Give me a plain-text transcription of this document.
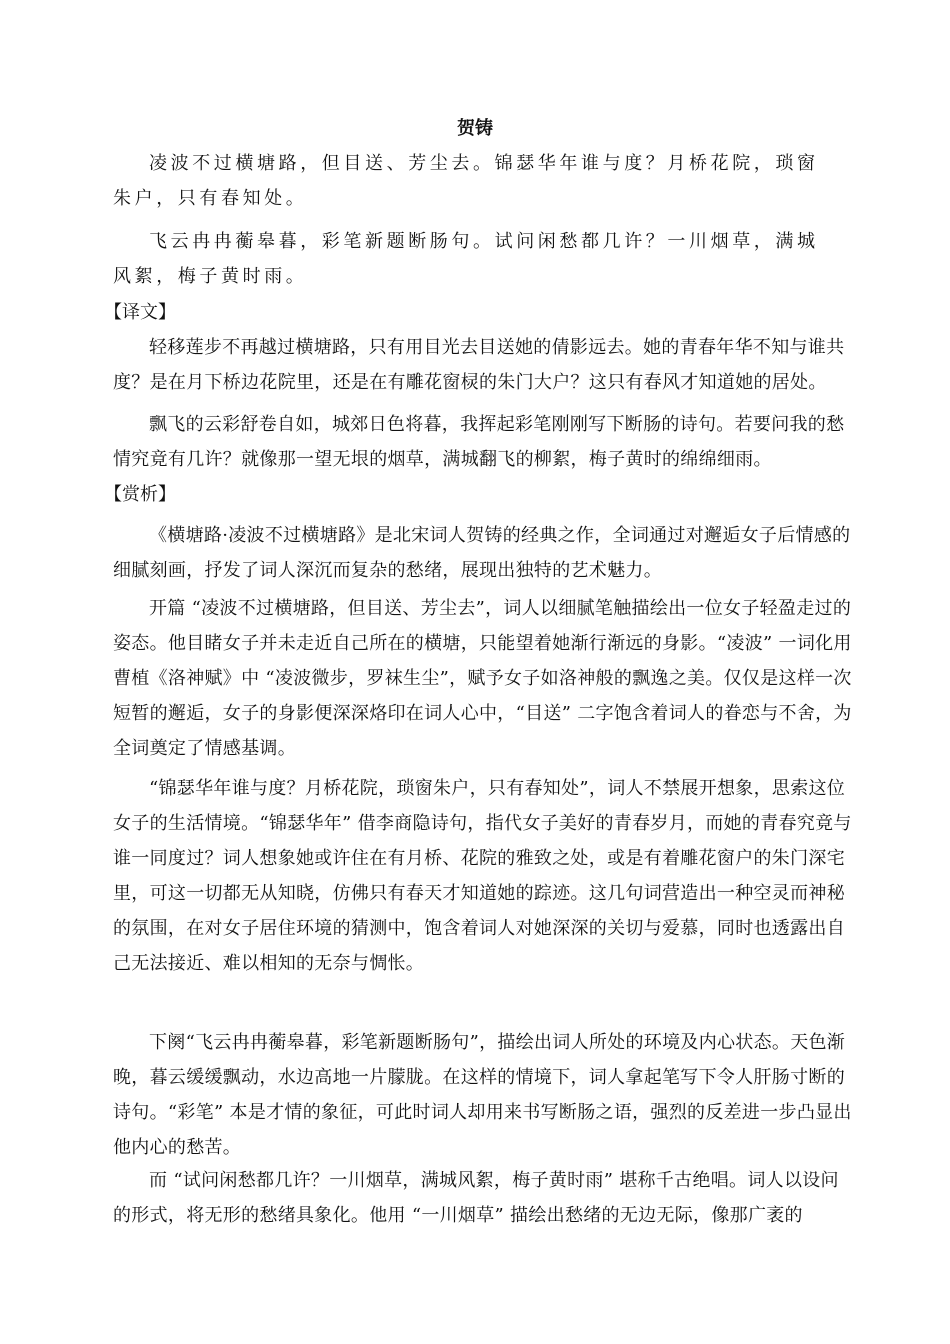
贺铸

凌波不过横塘路，但目送、芳尘去。锦瑟华年谁与度？月桥花院，琐窗朱户，只有春知处。

飞云冉冉蘅皋暮，彩笔新题断肠句。试问闲愁都几许？一川烟草，满城风絮，梅子黄时雨。

【译文】

轻移莲步不再越过横塘路，只有用目光去目送她的倩影远去。她的青春年华不知与谁共度？是在月下桥边花院里，还是在有雕花窗棂的朱门大户？这只有春风才知道她的居处。

飘飞的云彩舒卷自如，城郊日色将暮，我挥起彩笔刚刚写下断肠的诗句。若要问我的愁情究竟有几许？就像那一望无垠的烟草，满城翻飞的柳絮，梅子黄时的绵绵细雨。

【赏析】

《横塘路·凌波不过横塘路》是北宋词人贺铸的经典之作，全词通过对邂逅女子后情感的细腻刻画，抒发了词人深沉而复杂的愁绪，展现出独特的艺术魅力。

开篇 “凌波不过横塘路，但目送、芳尘去”，词人以细腻笔触描绘出一位女子轻盈走过的姿态。他目睹女子并未走近自己所在的横塘，只能望着她渐行渐远的身影。“凌波” 一词化用曹植《洛神赋》中 “凌波微步，罗袜生尘”，赋予女子如洛神般的飘逸之美。仅仅是这样一次短暂的邂逅，女子的身影便深深烙印在词人心中，“目送” 二字饱含着词人的眷恋与不舍，为全词奠定了情感基调。

“锦瑟华年谁与度？月桥花院，琐窗朱户，只有春知处”，词人不禁展开想象，思索这位女子的生活情境。“锦瑟华年” 借李商隐诗句，指代女子美好的青春岁月，而她的青春究竟与谁一同度过？词人想象她或许住在有月桥、花院的雅致之处，或是有着雕花窗户的朱门深宅里，可这一切都无从知晓，仿佛只有春天才知道她的踪迹。这几句词营造出一种空灵而神秘的氛围，在对女子居住环境的猜测中，饱含着词人对她深深的关切与爱慕，同时也透露出自己无法接近、难以相知的无奈与惆怅。

下阕“飞云冉冉蘅皋暮，彩笔新题断肠句”，描绘出词人所处的环境及内心状态。天色渐晚，暮云缓缓飘动，水边高地一片朦胧。在这样的情境下，词人拿起笔写下令人肝肠寸断的诗句。“彩笔” 本是才情的象征，可此时词人却用来书写断肠之语，强烈的反差进一步凸显出他内心的愁苦。

而 “试问闲愁都几许？一川烟草，满城风絮，梅子黄时雨” 堪称千古绝唱。词人以设问的形式，将无形的愁绪具象化。他用 “一川烟草” 描绘出愁绪的无边无际，像那广袤的
